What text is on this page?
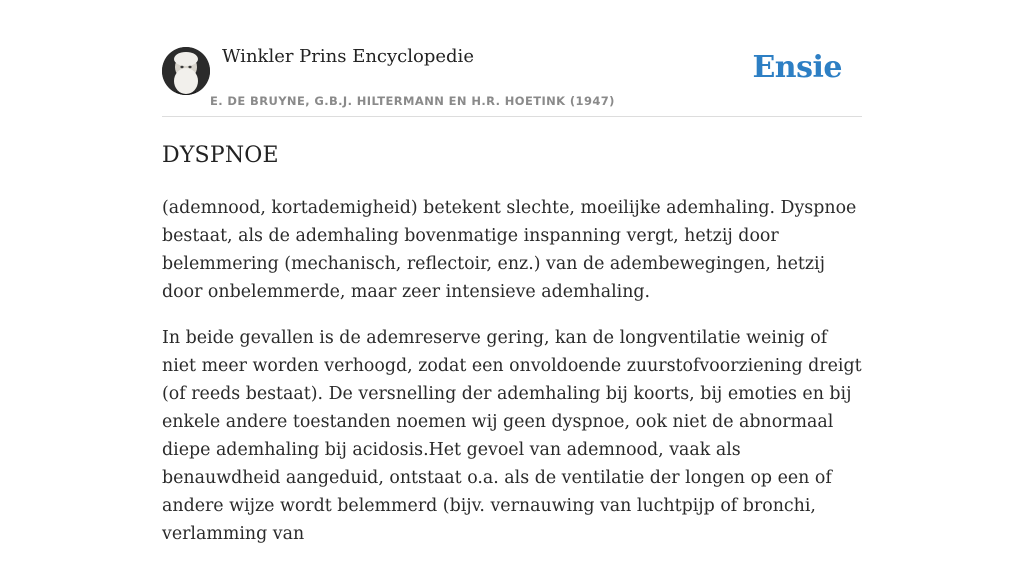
Winkler Prins Encyclopedie
E. DE BRUYNE, G.B.J. HILTERMANN EN H.R. HOETINK (1947)
Ensie
DYSPNOE

(ademnood, kortademigheid) betekent slechte, moeilijke ademhaling. Dyspnoe bestaat, als de ademhaling bovenmatige inspanning vergt, hetzij door belemmering (mechanisch, reflectoir, enz.) van de adembewegingen, hetzij door onbelemmerde, maar zeer intensieve ademhaling.

In beide gevallen is de ademreserve gering, kan de longventilatie weinig of niet meer worden verhoogd, zodat een onvoldoende zuurstofvoorziening dreigt (of reeds bestaat). De versnelling der ademhaling bij koorts, bij emoties en bij enkele andere toestanden noemen wij geen dyspnoe, ook niet de abnormaal diepe ademhaling bij acidosis.Het gevoel van ademnood, vaak als benauwdheid aangeduid, ontstaat o.a. als de ventilatie der longen op een of andere wijze wordt belemmerd (bijv. vernauwing van luchtpijp of bronchi, verlamming van
